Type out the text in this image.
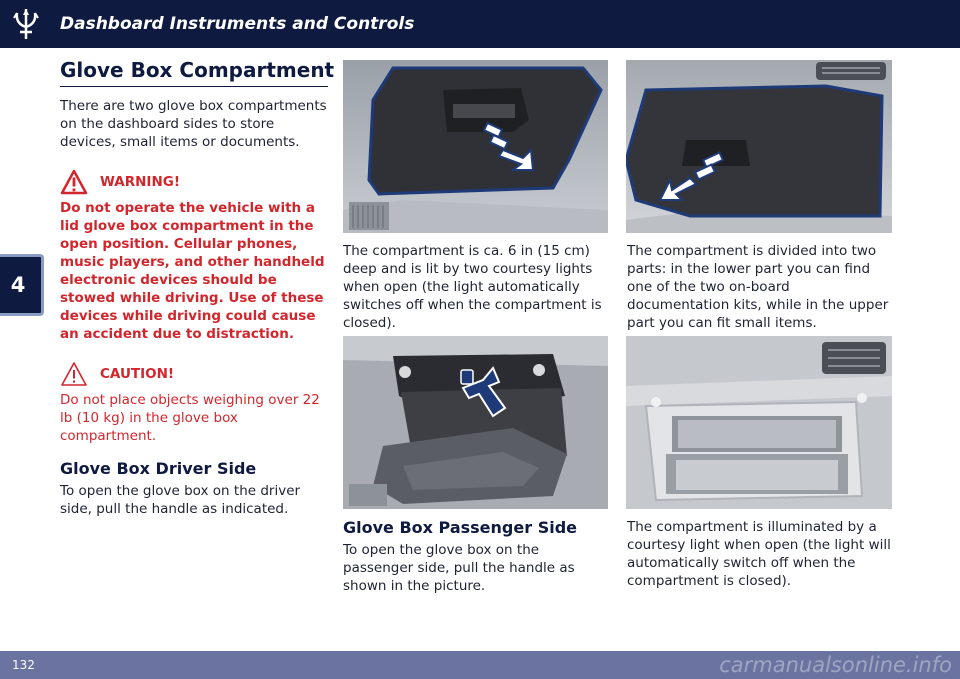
Dashboard Instruments and Controls
4
Glove Box Compartment

There are two glove box compartments on the dashboard sides to store devices, small items or documents.

WARNING!

Do not operate the vehicle with a lid glove box compartment in the open position. Cellular phones, music players, and other handheld electronic devices should be stowed while driving. Use of these devices while driving could cause an accident due to distraction.

CAUTION!

Do not place objects weighing over 22 lb (10 kg) in the glove box compartment.

Glove Box Driver Side

To open the glove box on the driver side, pull the handle as indicated.

The compartment is ca. 6 in (15 cm) deep and is lit by two courtesy lights when open (the light automatically switches off when the compartment is closed).

The compartment is divided into two parts: in the lower part you can find one of the two on-board documentation kits, while in the upper part you can fit small items.

Glove Box Passenger Side

To open the glove box on the passenger side, pull the handle as shown in the picture.

The compartment is illuminated by a courtesy light when open (the light will automatically switch off when the compartment is closed).

132	carmanualsonline.info
